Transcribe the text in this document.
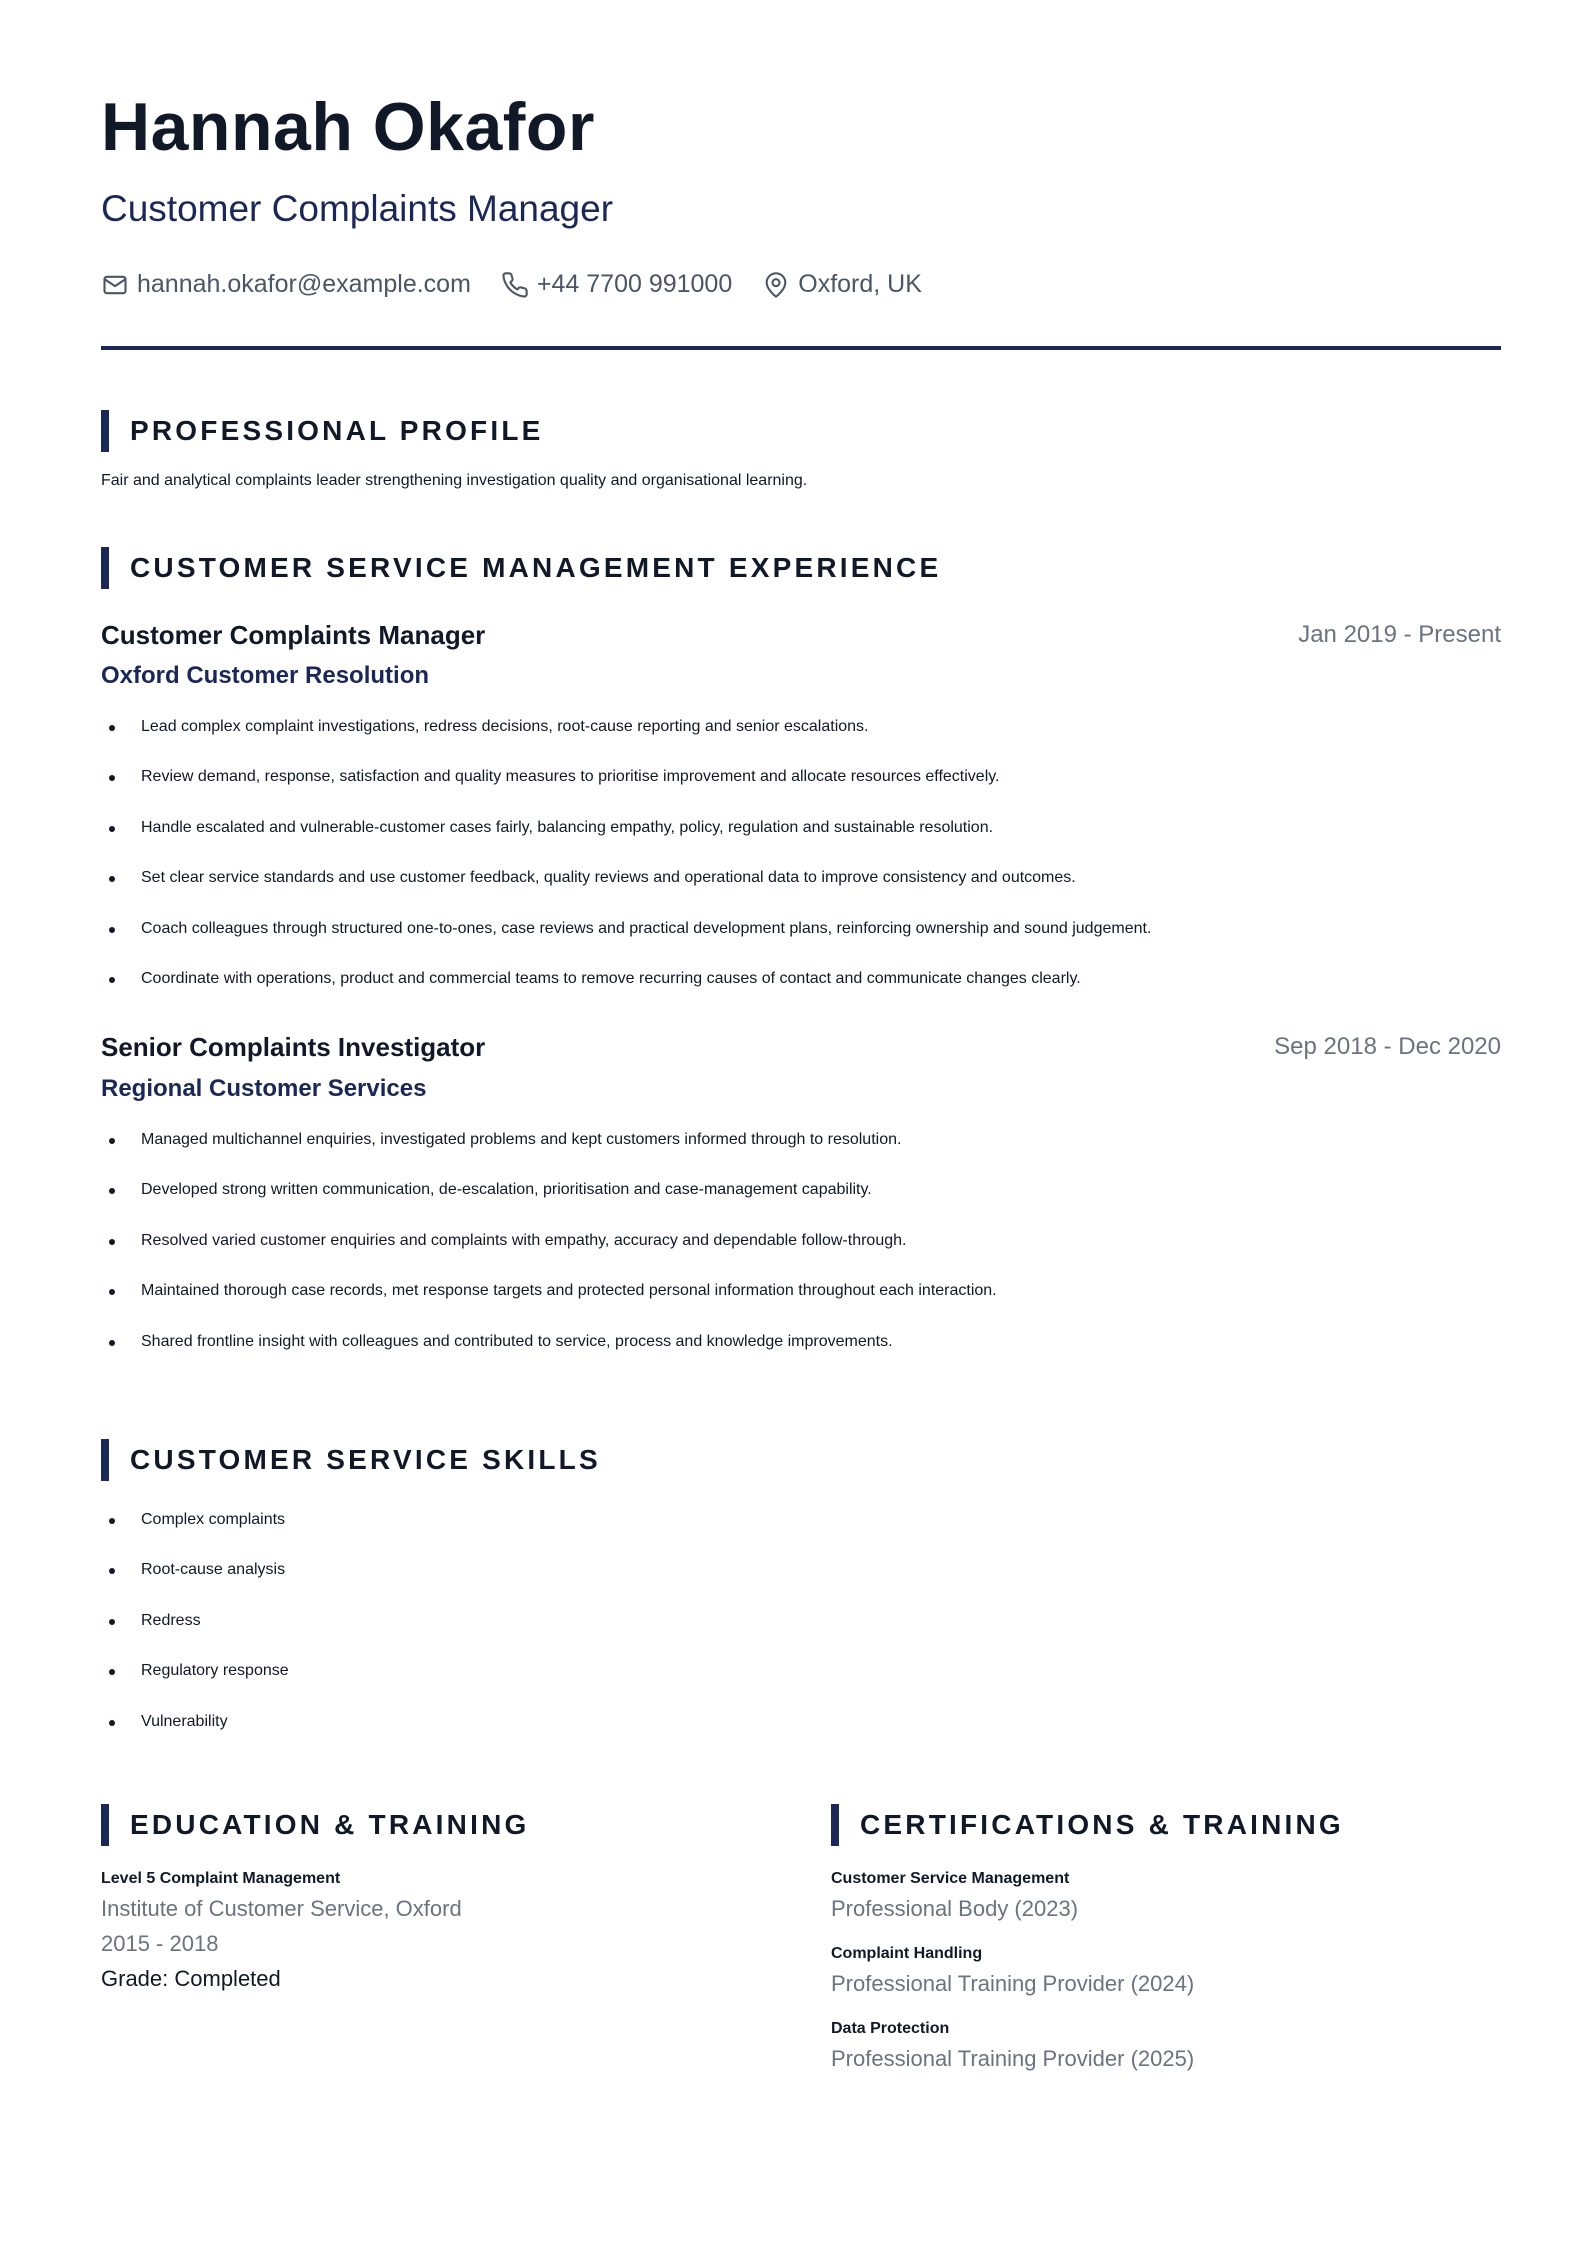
Hannah Okafor
Customer Complaints Manager
hannah.okafor@example.com	+44 7700 991000	Oxford, UK
PROFESSIONAL PROFILE
Fair and analytical complaints leader strengthening investigation quality and organisational learning.
CUSTOMER SERVICE MANAGEMENT EXPERIENCE
Customer Complaints Manager	Jan 2019 - Present
Oxford Customer Resolution
Lead complex complaint investigations, redress decisions, root-cause reporting and senior escalations.
Review demand, response, satisfaction and quality measures to prioritise improvement and allocate resources effectively.
Handle escalated and vulnerable-customer cases fairly, balancing empathy, policy, regulation and sustainable resolution.
Set clear service standards and use customer feedback, quality reviews and operational data to improve consistency and outcomes.
Coach colleagues through structured one-to-ones, case reviews and practical development plans, reinforcing ownership and sound judgement.
Coordinate with operations, product and commercial teams to remove recurring causes of contact and communicate changes clearly.
Senior Complaints Investigator	Sep 2018 - Dec 2020
Regional Customer Services
Managed multichannel enquiries, investigated problems and kept customers informed through to resolution.
Developed strong written communication, de-escalation, prioritisation and case-management capability.
Resolved varied customer enquiries and complaints with empathy, accuracy and dependable follow-through.
Maintained thorough case records, met response targets and protected personal information throughout each interaction.
Shared frontline insight with colleagues and contributed to service, process and knowledge improvements.
CUSTOMER SERVICE SKILLS
Complex complaints
Root-cause analysis
Redress
Regulatory response
Vulnerability
EDUCATION & TRAINING
Level 5 Complaint Management
Institute of Customer Service, Oxford
2015 - 2018
Grade: Completed
CERTIFICATIONS & TRAINING
Customer Service Management
Professional Body (2023)
Complaint Handling
Professional Training Provider (2024)
Data Protection
Professional Training Provider (2025)
